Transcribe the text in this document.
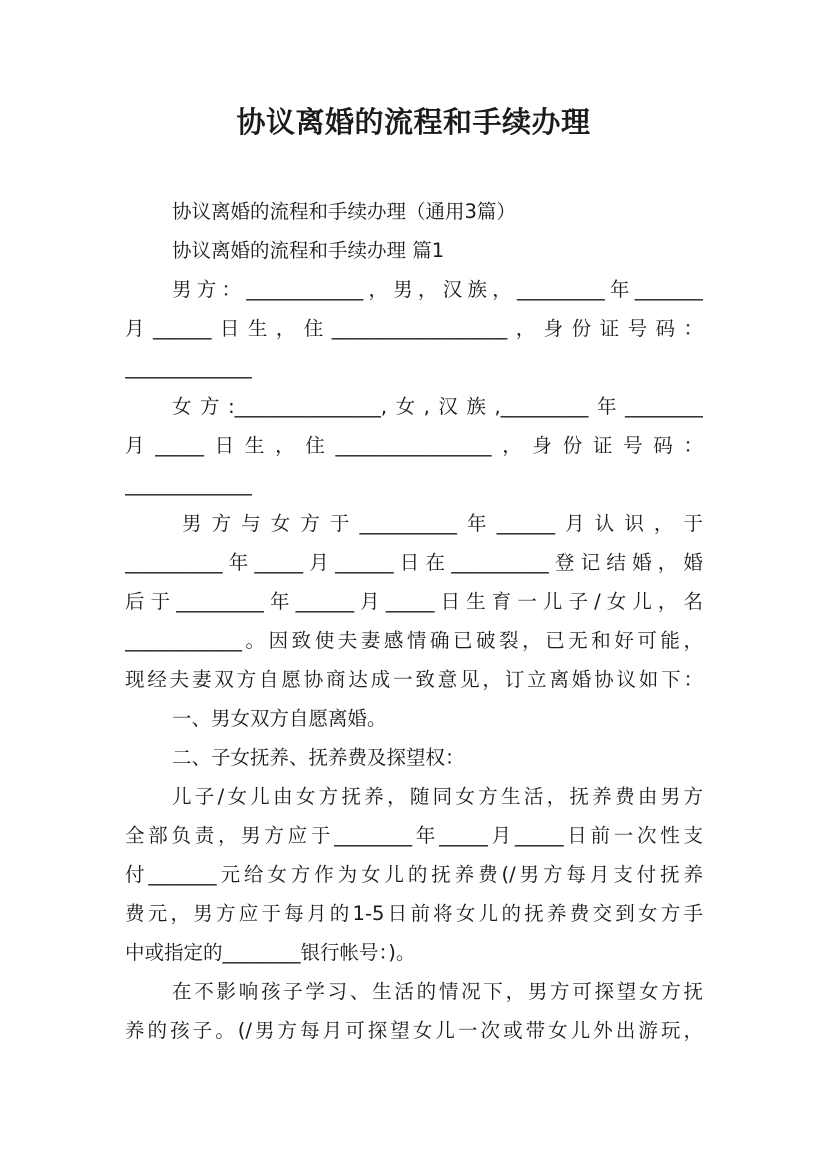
协议离婚的流程和手续办理
协议离婚的流程和手续办理（通用3篇）
协议离婚的流程和手续办理 篇1
男方：____________，男，汉族，_________年_______
月______日生，住__________________，身份证号码：
_____________
女方:_______________,女,汉族,_________年________
月_____日生，住________________，身份证号码：
_____________
男方与女方于__________年______月认识，于
__________年_____月______日在__________登记结婚，婚
后于_________年______月_____日生育一儿子/女儿，名
____________。因致使夫妻感情确已破裂，已无和好可能，
现经夫妻双方自愿协商达成一致意见，订立离婚协议如下：
一、男女双方自愿离婚。
二、子女抚养、抚养费及探望权：
儿子/女儿由女方抚养，随同女方生活，抚养费由男方
全部负责，男方应于________年_____月_____日前一次性支
付_______元给女方作为女儿的抚养费(/男方每月支付抚养
费元，男方应于每月的1-5日前将女儿的抚养费交到女方手
中或指定的________银行帐号：)。
在不影响孩子学习、生活的情况下，男方可探望女方抚
养的孩子。(/男方每月可探望女儿一次或带女儿外出游玩，
